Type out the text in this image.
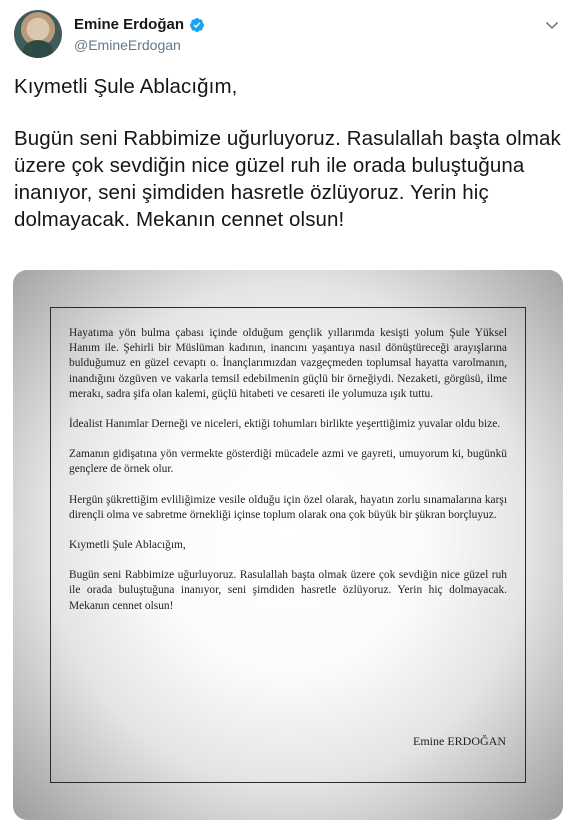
Emine Erdoğan
@EmineErdogan

Kıymetli Şule Ablacığım,

Bugün seni Rabbimize uğurluyoruz. Rasulallah başta olmak üzere çok sevdiğin nice güzel ruh ile orada buluştuğuna inanıyor, seni şimdiden hasretle özlüyoruz. Yerin hiç dolmayacak. Mekanın cennet olsun!

Hayatıma yön bulma çabası içinde olduğum gençlik yıllarımda kesişti yolum Şule Yüksel Hanım ile. Şehirli bir Müslüman kadının, inancını yaşantıya nasıl dönüştüreceği arayışlarına bulduğumuz en güzel cevaptı o. İnançlarımızdan vazgeçmeden toplumsal hayatta varolmanın, inandığını özgüven ve vakarla temsil edebilmenin güçlü bir örneğiydi. Nezaketi, görgüsü, ilme merakı, sadra şifa olan kalemi, güçlü hitabeti ve cesareti ile yolumuza ışık tuttu.

İdealist Hanımlar Derneği ve niceleri, ektiği tohumları birlikte yeşerttiğimiz yuvalar oldu bize.

Zamanın gidişatına yön vermekte gösterdiği mücadele azmi ve gayreti, umuyorum ki, bugünkü gençlere de örnek olur.

Hergün şükrettiğim evliliğimize vesile olduğu için özel olarak, hayatın zorlu sınamalarına karşı dirençli olma ve sabretme örnekliği içinse toplum olarak ona çok büyük bir şükran borçluyuz.

Kıymetli Şule Ablacığım,

Bugün seni Rabbimize uğurluyoruz. Rasulallah başta olmak üzere çok sevdiğin nice güzel ruh ile orada buluştuğuna inanıyor, seni şimdiden hasretle özlüyoruz. Yerin hiç dolmayacak. Mekanın cennet olsun!

Emine ERDOĞAN
